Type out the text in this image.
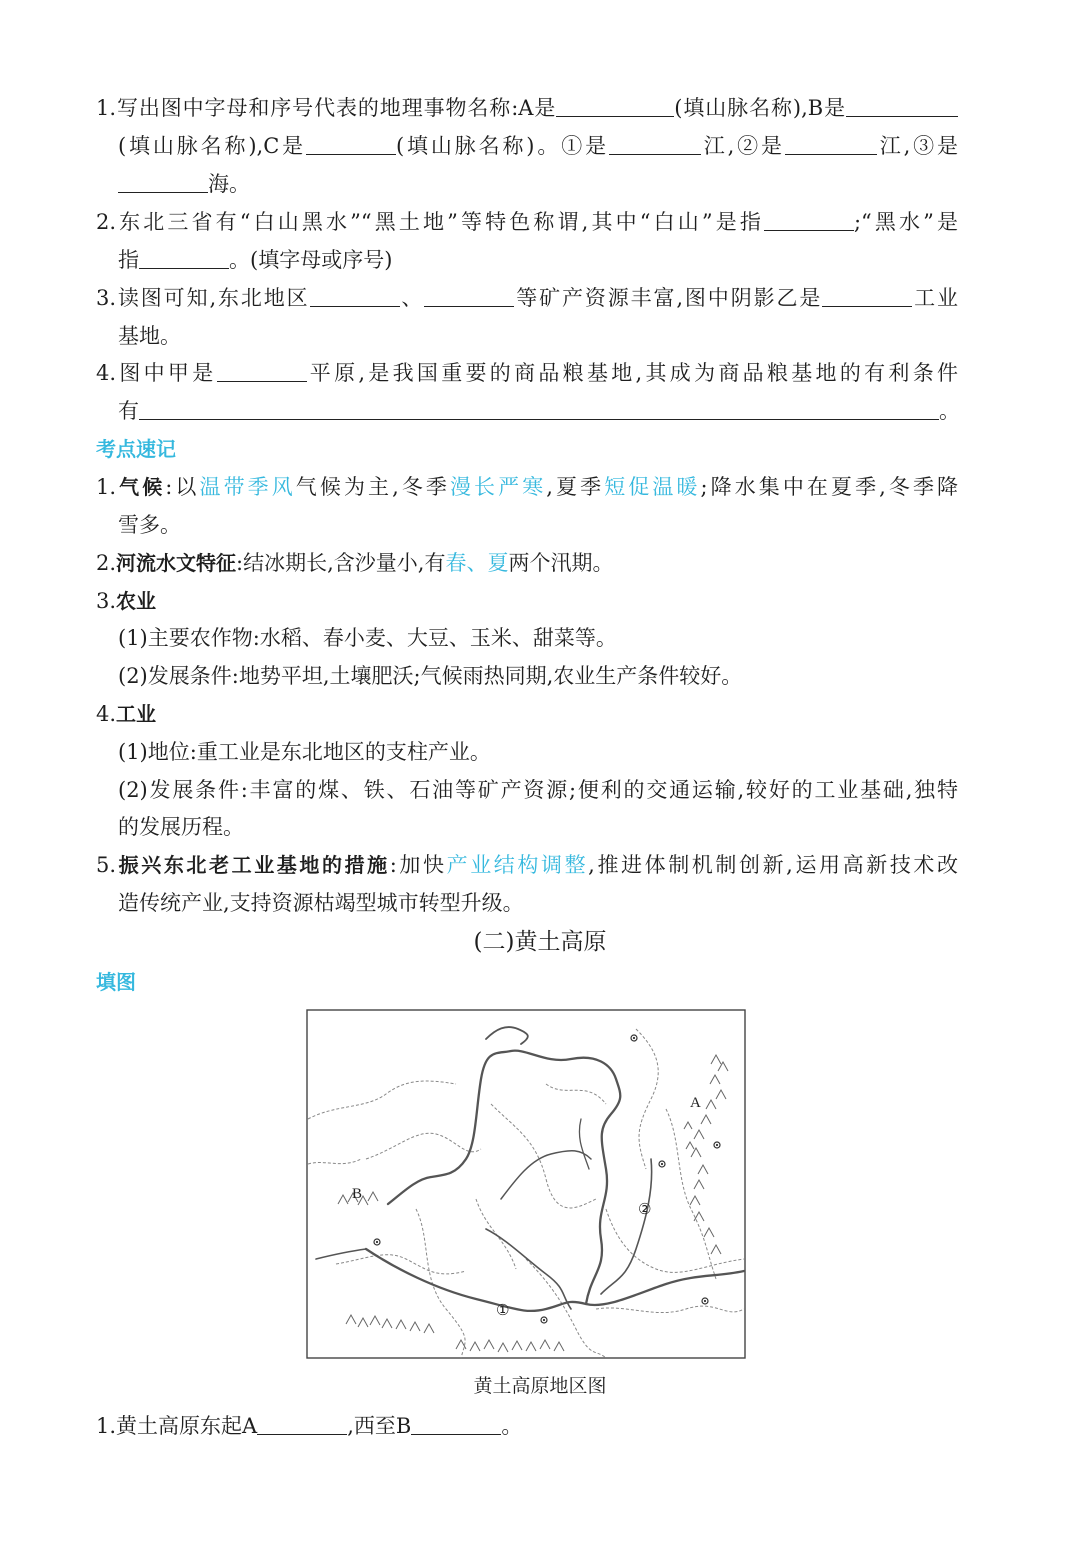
1.写出图中字母和序号代表的地理事物名称:A是	(填山脉名称),B是
(填山脉名称),C是	(填山脉名称)。①是	江,②是	江,③是
海。
2.东北三省有“白山黑水”“黑土地”等特色称谓,其中“白山”是指	;“黑水”是
指	。(填字母或序号)
3.读图可知,东北地区	、	等矿产资源丰富,图中阴影乙是	工业
基地。
4.图中甲是	平原,是我国重要的商品粮基地,其成为商品粮基地的有利条件
有	。
考点速记
1.气候:以温带季风气候为主,冬季漫长严寒,夏季短促温暖;降水集中在夏季,冬季降
雪多。
2.河流水文特征:结冰期长,含沙量小,有春、夏两个汛期。
3.农业
(1)主要农作物:水稻、春小麦、大豆、玉米、甜菜等。
(2)发展条件:地势平坦,土壤肥沃;气候雨热同期,农业生产条件较好。
4.工业
(1)地位:重工业是东北地区的支柱产业。
(2)发展条件:丰富的煤、铁、石油等矿产资源;便利的交通运输,较好的工业基础,独特
的发展历程。
5.振兴东北老工业基地的措施:加快产业结构调整,推进体制机制创新,运用高新技术改
造传统产业,支持资源枯竭型城市转型升级。
(二)黄土高原
填图
A
B
①
②
黄土高原地区图
1.黄土高原东起A	,西至B	。
